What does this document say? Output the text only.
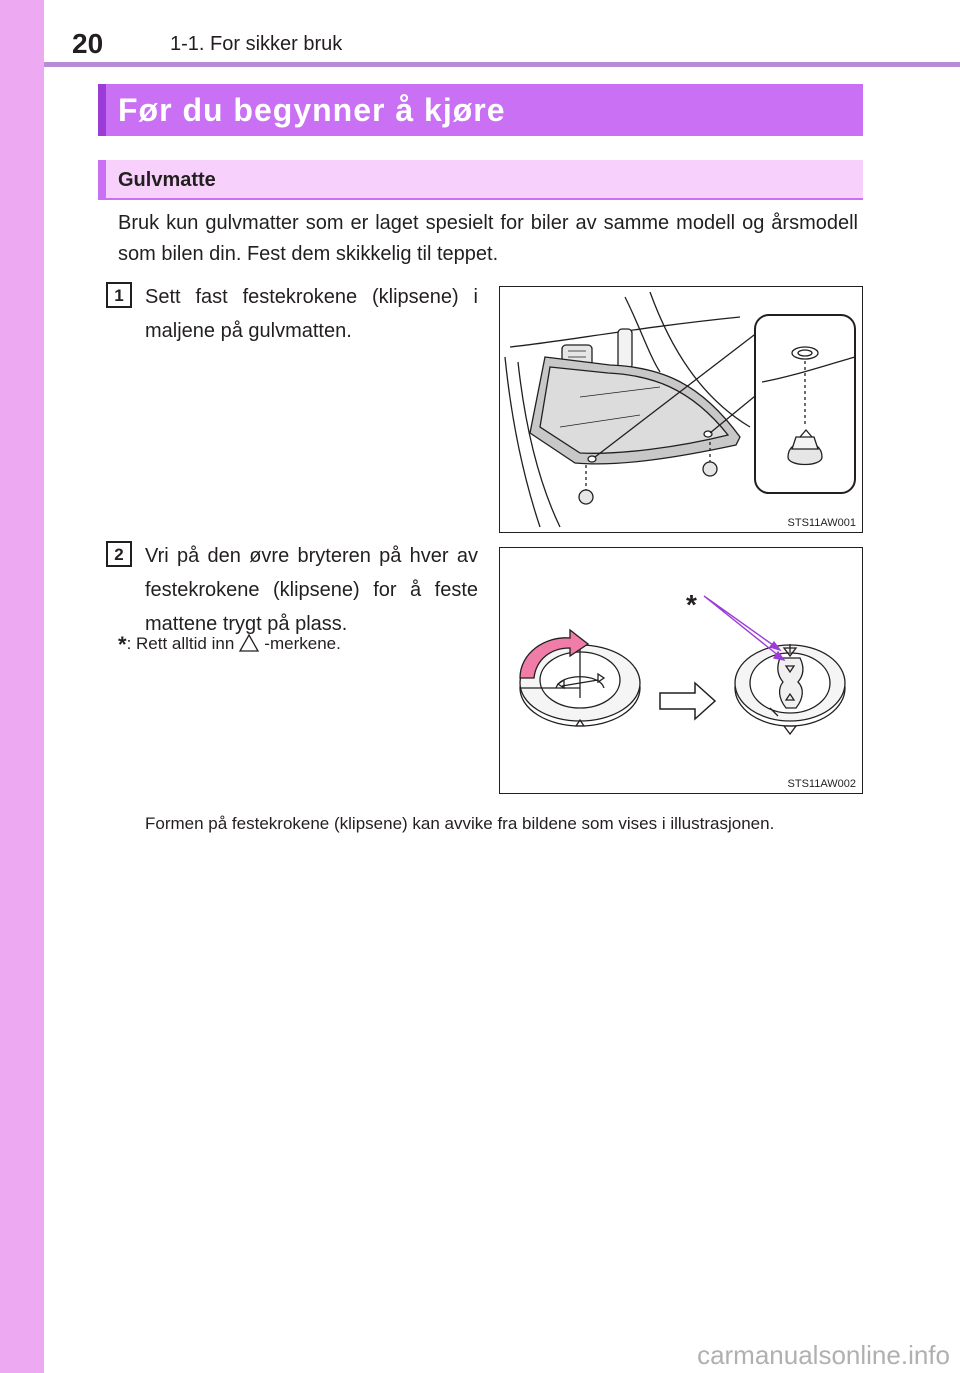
20	1-1. For sikker bruk
Før du begynner å kjøre
Gulvmatte
Bruk kun gulvmatter som er laget spesielt for biler av samme modell og årsmodell som bilen din. Fest dem skikkelig til teppet.
1	Sett fast festekrokene (klipsene) i maljene på gulvmatten.
STS11AW001
2	Vri på den øvre bryteren på hver av festekrokene (klipsene) for å feste mattene trygt på plass.
*: Rett alltid inn -merkene.
*
STS11AW002
Formen på festekrokene (klipsene) kan avvike fra bildene som vises i illustrasjonen.
carmanualsonline.info
